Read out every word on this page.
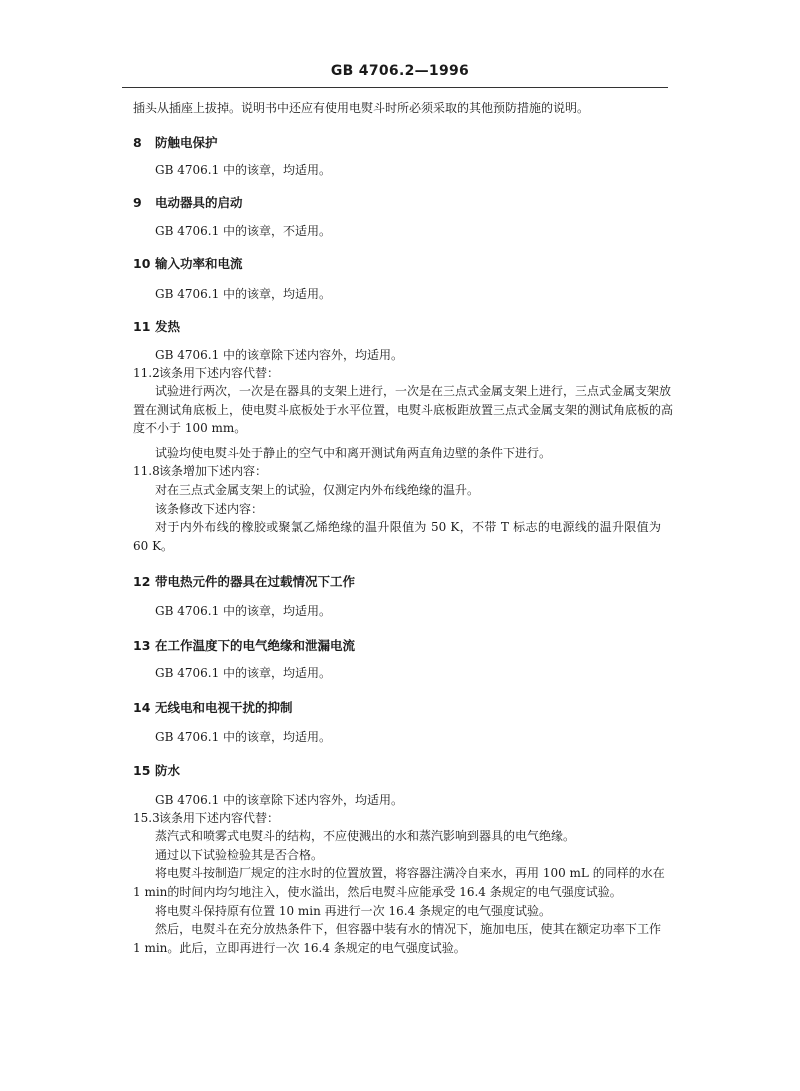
GB 4706.2—1996
插头从插座上拔掉。说明书中还应有使用电熨斗时所必须采取的其他预防措施的说明。
8 防触电保护
GB 4706.1 中的该章，均适用。
9 电动器具的启动
GB 4706.1 中的该章，不适用。
10 输入功率和电流
GB 4706.1 中的该章，均适用。
11 发热
GB 4706.1 中的该章除下述内容外，均适用。
11.2该条用下述内容代替：
试验进行两次，一次是在器具的支架上进行，一次是在三点式金属支架上进行，三点式金属支架放
置在测试角底板上，使电熨斗底板处于水平位置，电熨斗底板距放置三点式金属支架的测试角底板的高
度不小于 100 mm。
试验均使电熨斗处于静止的空气中和离开测试角两直角边壁的条件下进行。
11.8该条增加下述内容：
对在三点式金属支架上的试验，仅测定内外布线绝缘的温升。
该条修改下述内容：
对于内外布线的橡胶或聚氯乙烯绝缘的温升限值为 50 K，不带 T 标志的电源线的温升限值为
60 K。
12 带电热元件的器具在过载情况下工作
GB 4706.1 中的该章，均适用。
13 在工作温度下的电气绝缘和泄漏电流
GB 4706.1 中的该章，均适用。
14 无线电和电视干扰的抑制
GB 4706.1 中的该章，均适用。
15 防水
GB 4706.1 中的该章除下述内容外，均适用。
15.3该条用下述内容代替：
蒸汽式和喷雾式电熨斗的结构，不应使溅出的水和蒸汽影响到器具的电气绝缘。
通过以下试验检验其是否合格。
将电熨斗按制造厂规定的注水时的位置放置，将容器注满冷自来水，再用 100 mL 的同样的水在
1 min的时间内均匀地注入，使水溢出，然后电熨斗应能承受 16.4 条规定的电气强度试验。
将电熨斗保持原有位置 10 min 再进行一次 16.4 条规定的电气强度试验。
然后，电熨斗在充分放热条件下，但容器中装有水的情况下，施加电压，使其在额定功率下工作
1 min。此后，立即再进行一次 16.4 条规定的电气强度试验。
